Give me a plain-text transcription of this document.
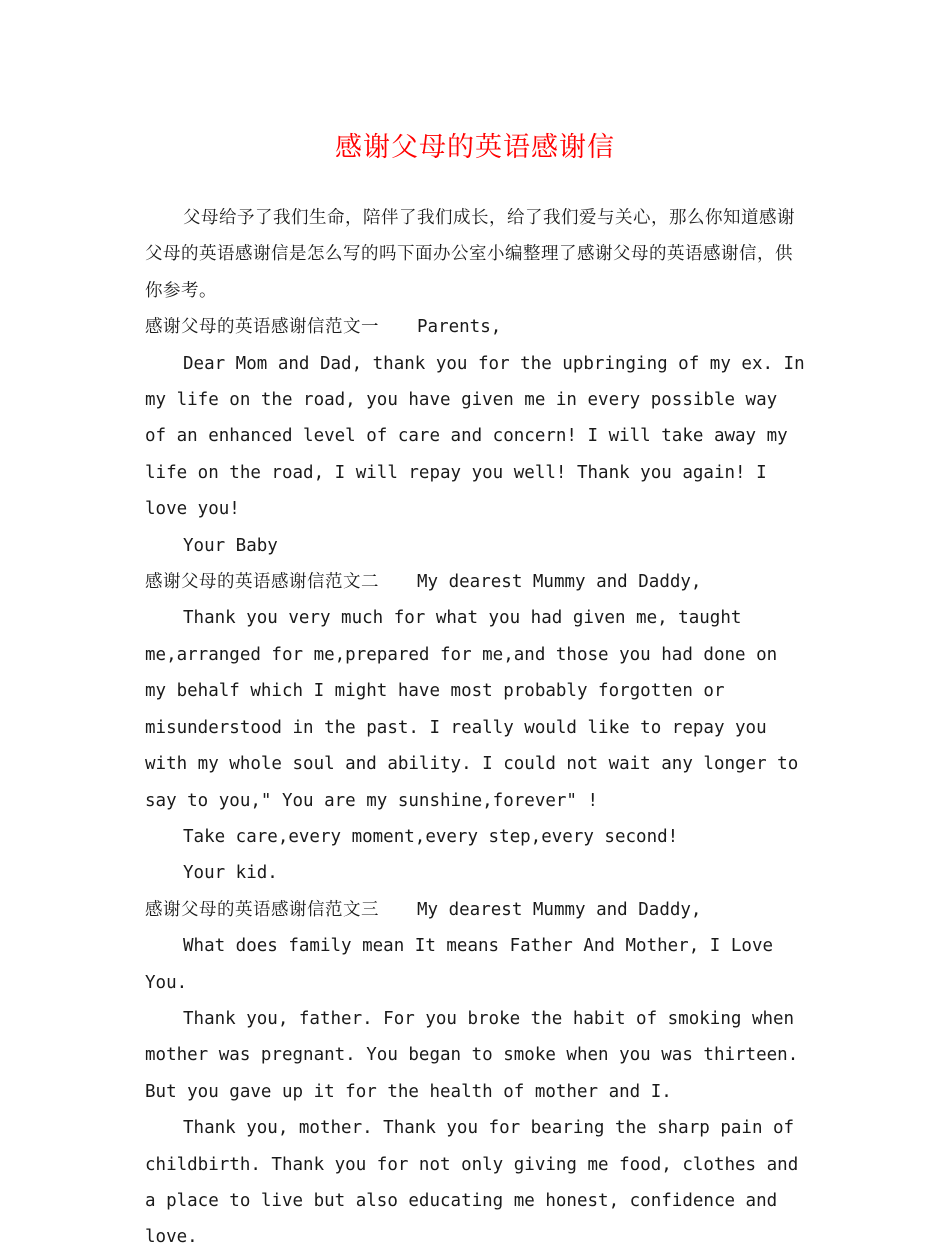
感谢父母的英语感谢信

父母给予了我们生命，陪伴了我们成长，给了我们爱与关心，那么你知道感谢父母的英语感谢信是怎么写的吗下面办公室小编整理了感谢父母的英语感谢信，供你参考。

感谢父母的英语感谢信范文一 Parents,

Dear Mom and Dad, thank you for the upbringing of my ex. In my life on the road, you have given me in every possible way of an enhanced level of care and concern! I will take away my life on the road, I will repay you well! Thank you again! I love you!

Your Baby

感谢父母的英语感谢信范文二 My dearest Mummy and Daddy,

Thank you very much for what you had given me, taught me,arranged for me,prepared for me,and those you had done on my behalf which I might have most probably forgotten or misunderstood in the past. I really would like to repay you with my whole soul and ability. I could not wait any longer to say to you," You are my sunshine,forever" !

Take care,every moment,every step,every second!

Your kid.

感谢父母的英语感谢信范文三 My dearest Mummy and Daddy,

What does family mean It means Father And Mother, I Love You.

Thank you, father. For you broke the habit of smoking when mother was pregnant. You began to smoke when you was thirteen. But you gave up it for the health of mother and I.

Thank you, mother. Thank you for bearing the sharp pain of childbirth. Thank you for not only giving me food, clothes and a place to live but also educating me honest, confidence and love.
